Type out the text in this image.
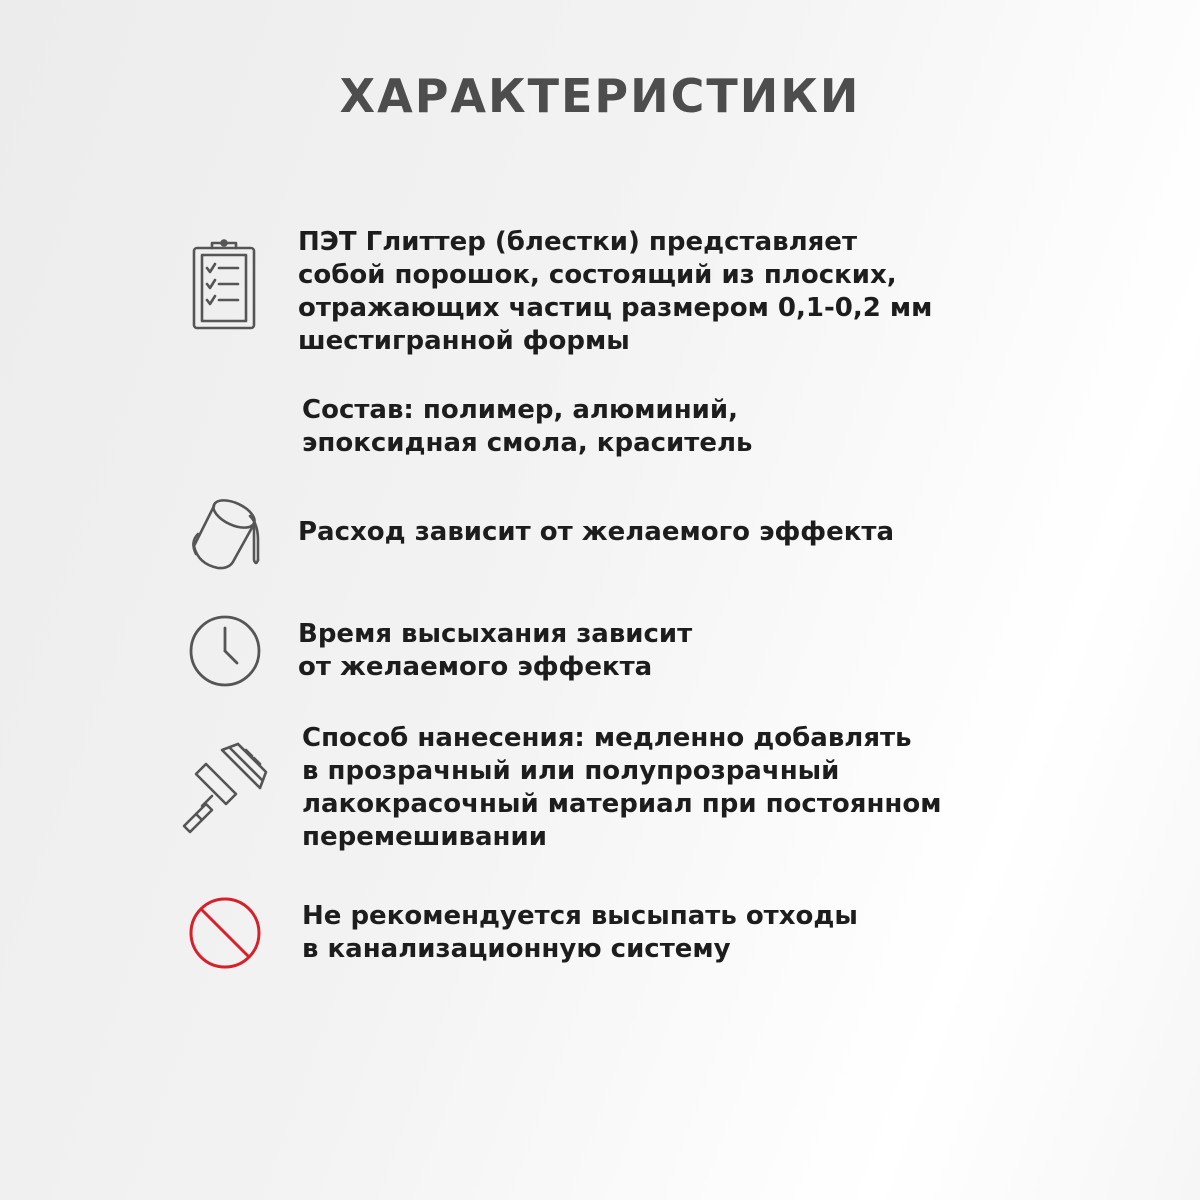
ХАРАКТЕРИСТИКИ
ПЭТ Глиттер (блестки) представляет
собой порошок, состоящий из плоских,
отражающих частиц размером 0,1-0,2 мм
шестигранной формы
Состав: полимер, алюминий,
эпоксидная смола, краситель
Расход зависит от желаемого эффекта
Время высыхания зависит
от желаемого эффекта
Способ нанесения: медленно добавлять
в прозрачный или полупрозрачный
лакокрасочный материал при постоянном
перемешивании
Не рекомендуется высыпать отходы
в канализационную систему
